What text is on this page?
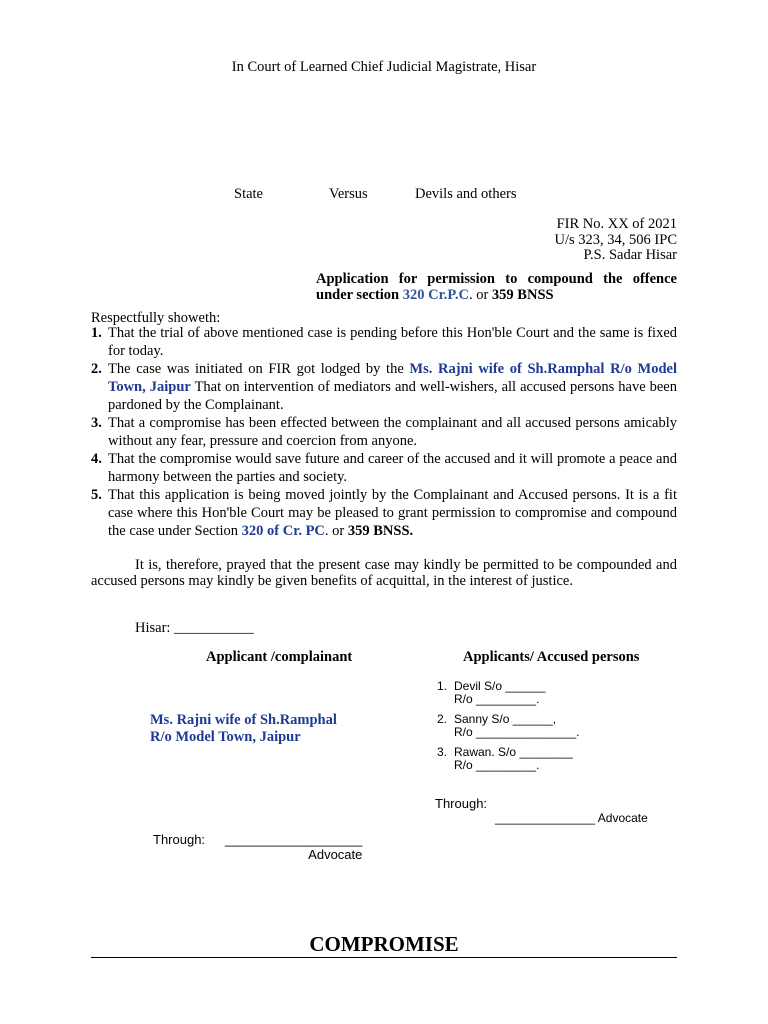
In Court of Learned Chief Judicial Magistrate, Hisar
State	Versus	Devils and others
FIR No. XX of 2021
U/s 323, 34, 506 IPC
P.S. Sadar Hisar
Application for permission to compound the offence under section 320 Cr.P.C. or 359 BNSS
Respectfully showeth:
1. That the trial of above mentioned case is pending before this Hon'ble Court and the same is fixed for today.
2. The case was initiated on FIR got lodged by the Ms. Rajni wife of Sh.Ramphal R/o Model Town, Jaipur That on intervention of mediators and well-wishers, all accused persons have been pardoned by the Complainant.
3. That a compromise has been effected between the complainant and all accused persons amicably without any fear, pressure and coercion from anyone.
4. That the compromise would save future and career of the accused and it will promote a peace and harmony between the parties and society.
5. That this application is being moved jointly by the Complainant and Accused persons. It is a fit case where this Hon'ble Court may be pleased to grant permission to compromise and compound the case under Section 320 of Cr. PC. or 359 BNSS.
It is, therefore, prayed that the present case may kindly be permitted to be compounded and accused persons may kindly be given benefits of acquittal, in the interest of justice.
Hisar: ___________
Applicant /complainant	Applicants/ Accused persons
Ms. Rajni wife of Sh.Ramphal
R/o Model Town, Jaipur
1. Devil S/o ______
R/o _________.
2. Sanny S/o ______,
R/o _______________.
3. Rawan. S/o ________
R/o _________.
Through:
_______________ Advocate
Through: ___________________
Advocate
COMPROMISE
